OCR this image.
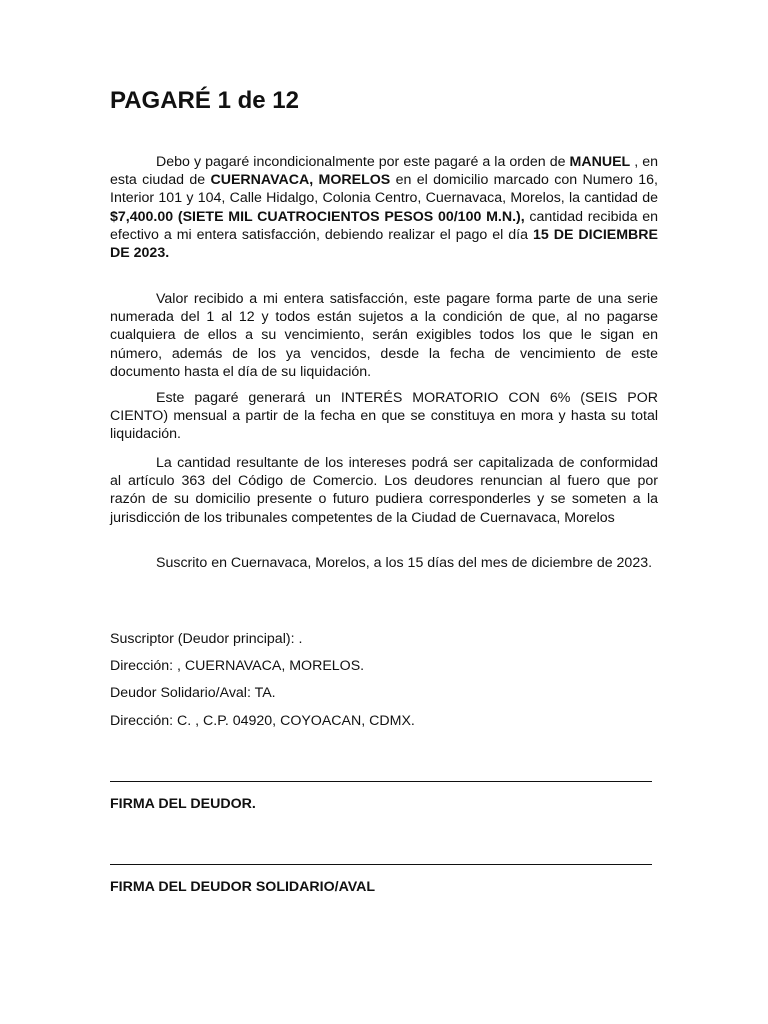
PAGARÉ 1 de 12

Debo y pagaré incondicionalmente por este pagaré a la orden de MANUEL , en esta ciudad de CUERNAVACA, MORELOS en el domicilio marcado con Numero 16, Interior 101 y 104, Calle Hidalgo, Colonia Centro, Cuernavaca, Morelos, la cantidad de $7,400.00 (SIETE MIL CUATROCIENTOS PESOS 00/100 M.N.), cantidad recibida en efectivo a mi entera satisfacción, debiendo realizar el pago el día 15 DE DICIEMBRE DE 2023.

Valor recibido a mi entera satisfacción, este pagare forma parte de una serie numerada del 1 al 12 y todos están sujetos a la condición de que, al no pagarse cualquiera de ellos a su vencimiento, serán exigibles todos los que le sigan en número, además de los ya vencidos, desde la fecha de vencimiento de este documento hasta el día de su liquidación.

Este pagaré generará un INTERÉS MORATORIO CON 6% (SEIS POR CIENTO) mensual a partir de la fecha en que se constituya en mora y hasta su total liquidación.

La cantidad resultante de los intereses podrá ser capitalizada de conformidad al artículo 363 del Código de Comercio. Los deudores renuncian al fuero que por razón de su domicilio presente o futuro pudiera corresponderles y se someten a la jurisdicción de los tribunales competentes de la Ciudad de Cuernavaca, Morelos

Suscrito en Cuernavaca, Morelos, a los 15 días del mes de diciembre de 2023.

Suscriptor (Deudor principal): .

Dirección: , CUERNAVACA, MORELOS.

Deudor Solidario/Aval: TA.

Dirección: C. , C.P. 04920, COYOACAN, CDMX.

FIRMA DEL DEUDOR.

FIRMA DEL DEUDOR SOLIDARIO/AVAL
